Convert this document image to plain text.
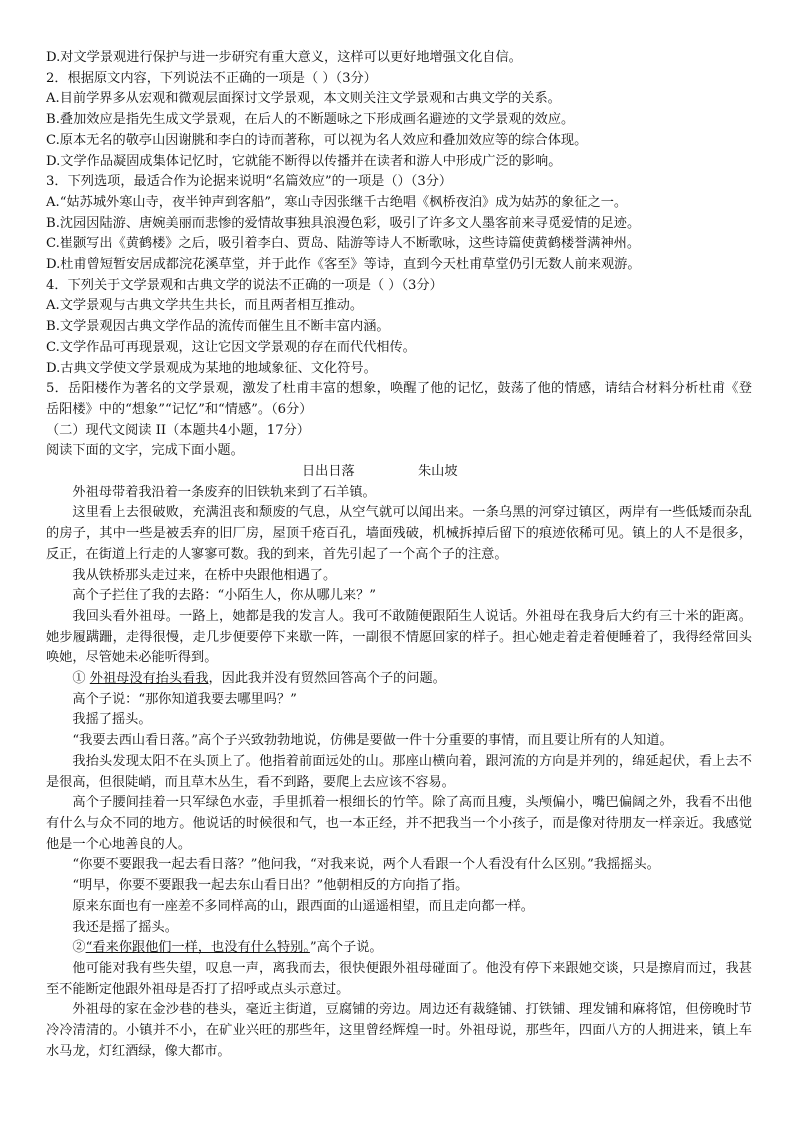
D.对文学景观进行保护与进一步研究有重大意义，这样可以更好地增强文化自信。
2．根据原文内容，下列说法不正确的一项是（ ）（3分）
A.目前学界多从宏观和微观层面探讨文学景观，本文则关注文学景观和古典文学的关系。
B.叠加效应是指先生成文学景观，在后人的不断题咏之下形成画名避迹的文学景观的效应。
C.原本无名的敬亭山因谢朓和李白的诗而著称，可以视为名人效应和叠加效应等的综合体现。
D.文学作品凝固成集体记忆时，它就能不断得以传播并在读者和游人中形成广泛的影响。
3．下列选项，最适合作为论据来说明“名篇效应”的一项是（）（3分）
A.“姑苏城外寒山寺，夜半钟声到客船”，寒山寺因张继千古绝唱《枫桥夜泊》成为姑苏的象征之一。
B.沈园因陆游、唐婉美丽而悲惨的爱情故事独具浪漫色彩，吸引了许多文人墨客前来寻觅爱情的足迹。
C.崔颢写出《黄鹤楼》之后，吸引着李白、贾岛、陆游等诗人不断歌咏，这些诗篇使黄鹤楼誉满神州。
D.杜甫曾短暂安居成都浣花溪草堂，并于此作《客至》等诗，直到今天杜甫草堂仍引无数人前来观游。
4．下列关于文学景观和古典文学的说法不正确的一项是（ ）（3分）
A.文学景观与古典文学共生共长，而且两者相互推动。
B.文学景观因古典文学作品的流传而催生且不断丰富内涵。
C.文学作品可再现景观，这让它因文学景观的存在而代代相传。
D.古典文学使文学景观成为某地的地域象征、文化符号。
5．岳阳楼作为著名的文学景观，激发了杜甫丰富的想象，唤醒了他的记忆，鼓荡了他的情感，请结合材料分析杜甫《登岳阳楼》中的“想象”“记忆”和“情感”。（6分）
（二）现代文阅读 II（本题共4小题，17分）
阅读下面的文字，完成下面小题。
日出日落	朱山坡
外祖母带着我沿着一条废弃的旧铁轨来到了石羊镇。
这里看上去很破败，充满沮丧和颓废的气息，从空气就可以闻出来。一条乌黑的河穿过镇区，两岸有一些低矮而杂乱的房子，其中一些是被丢弃的旧厂房，屋顶千疮百孔，墙面残破，机械拆掉后留下的痕迹依稀可见。镇上的人不是很多，反正，在街道上行走的人寥寥可数。我的到来，首先引起了一个高个子的注意。
我从铁桥那头走过来，在桥中央跟他相遇了。
高个子拦住了我的去路：“小陌生人，你从哪儿来？”
我回头看外祖母。一路上，她都是我的发言人。我可不敢随便跟陌生人说话。外祖母在我身后大约有三十米的距离。她步履蹒跚，走得很慢，走几步便要停下来歇一阵，一副很不情愿回家的样子。担心她走着走着便睡着了，我得经常回头唤她，尽管她未必能听得到。
① 外祖母没有抬头看我，因此我并没有贸然回答高个子的问题。
高个子说：“那你知道我要去哪里吗？”
我摇了摇头。
“我要去西山看日落。”高个子兴致勃勃地说，仿佛是要做一件十分重要的事情，而且要让所有的人知道。
我抬头发现太阳不在头顶上了。他指着前面远处的山。那座山横向着，跟河流的方向是并列的，绵延起伏，看上去不是很高，但很陡峭，而且草木丛生，看不到路，要爬上去应该不容易。
高个子腰间挂着一只军绿色水壶，手里抓着一根细长的竹竿。除了高而且瘦，头颅偏小，嘴巴偏阔之外，我看不出他有什么与众不同的地方。他说话的时候很和气，也一本正经，并不把我当一个小孩子，而是像对待朋友一样亲近。我感觉他是一个心地善良的人。
“你要不要跟我一起去看日落？”他问我，“对我来说，两个人看跟一个人看没有什么区别。”我摇摇头。
“明早，你要不要跟我一起去东山看日出？”他朝相反的方向指了指。
原来东面也有一座差不多同样高的山，跟西面的山遥遥相望，而且走向都一样。
我还是摇了摇头。
②“看来你跟他们一样，也没有什么特别。”高个子说。
他可能对我有些失望，叹息一声，离我而去，很快便跟外祖母碰面了。他没有停下来跟她交谈，只是擦肩而过，我甚至不能断定他跟外祖母是否打了招呼或点头示意过。
外祖母的家在金沙巷的巷头，毫近主街道，豆腐铺的旁边。周边还有裁缝铺、打铁铺、理发铺和麻将馆，但傍晚时节冷冷清清的。小镇并不小，在矿业兴旺的那些年，这里曾经辉煌一时。外祖母说，那些年，四面八方的人拥进来，镇上车水马龙，灯红酒绿，像大都市。
